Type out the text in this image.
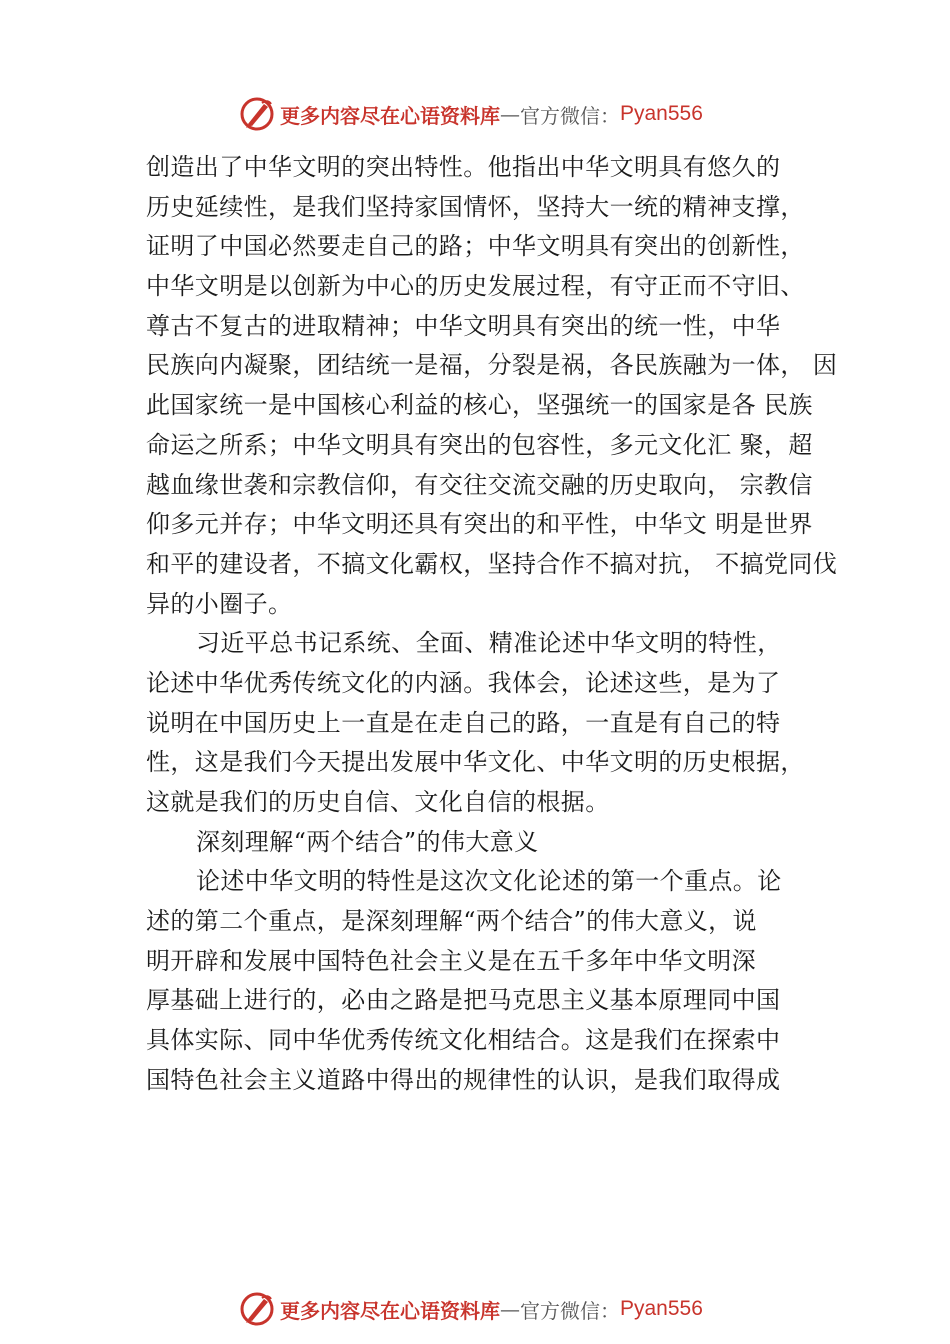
更多内容尽在心语资料库 — 官方微信： Pyan556
创造出了中华文明的突出特性。他指出中华文明具有悠久的
历史延续性，是我们坚持家国情怀，坚持大一统的精神支撑，
证明了中国必然要走自己的路；中华文明具有突出的创新性，
中华文明是以创新为中心的历史发展过程，有守正而不守旧、
尊古不复古的进取精神；中华文明具有突出的统一性，中华
民族向内凝聚，团结统一是福，分裂是祸，各民族融为一体， 因
此国家统一是中国核心利益的核心，坚强统一的国家是各 民族
命运之所系；中华文明具有突出的包容性，多元文化汇 聚，超
越血缘世袭和宗教信仰，有交往交流交融的历史取向， 宗教信
仰多元并存；中华文明还具有突出的和平性，中华文 明是世界
和平的建设者，不搞文化霸权，坚持合作不搞对抗， 不搞党同伐
异的小圈子。
习近平总书记系统、全面、精准论述中华文明的特性，
论述中华优秀传统文化的内涵。我体会，论述这些，是为了
说明在中国历史上一直是在走自己的路，一直是有自己的特
性，这是我们今天提出发展中华文化、中华文明的历史根据，
这就是我们的历史自信、文化自信的根据。
深刻理解“两个结合”的伟大意义
论述中华文明的特性是这次文化论述的第一个重点。论
述的第二个重点，是深刻理解“两个结合”的伟大意义，说
明开辟和发展中国特色社会主义是在五千多年中华文明深
厚基础上进行的，必由之路是把马克思主义基本原理同中国
具体实际、同中华优秀传统文化相结合。这是我们在探索中
国特色社会主义道路中得出的规律性的认识，是我们取得成
更多内容尽在心语资料库 — 官方微信： Pyan556
